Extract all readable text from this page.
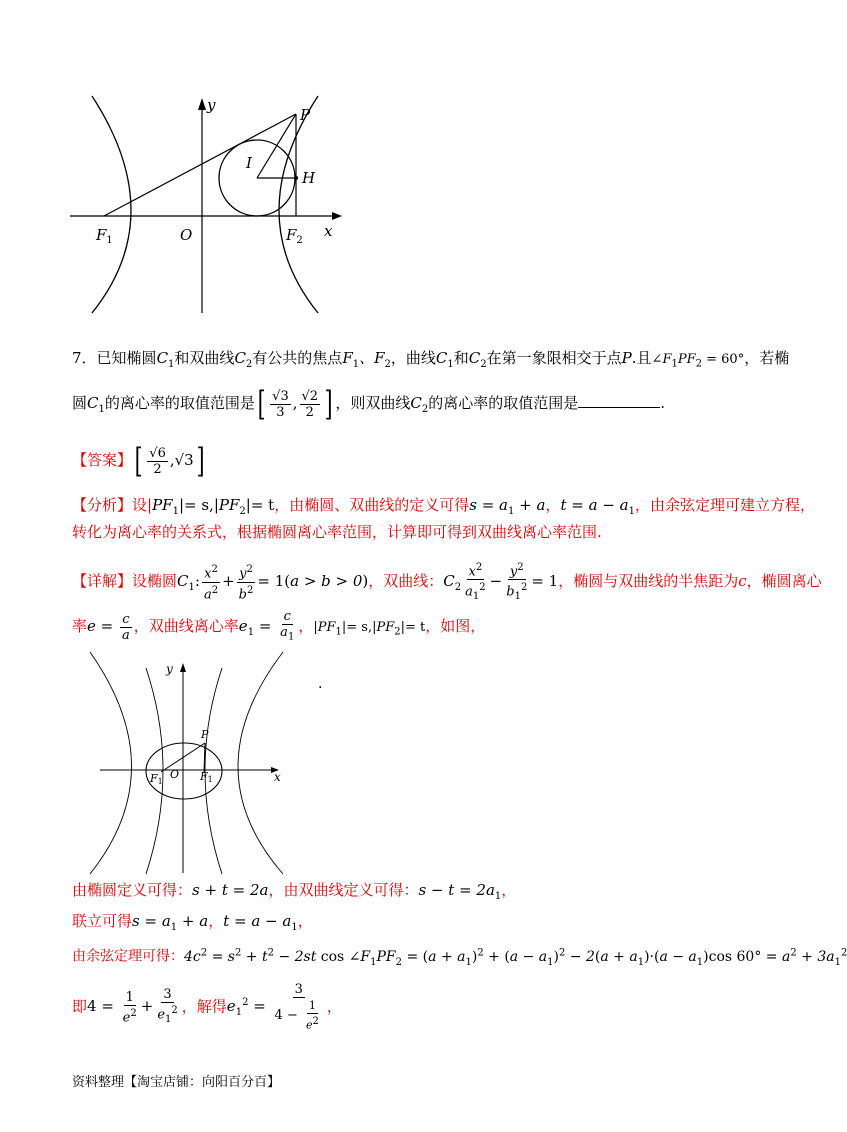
y
x
P
I
H
$F_1$	O	$F_2$
7．已知椭圆$C_1$和双曲线$C_2$有公共的焦点$F_1$、$F_2$，曲线$C_1$和$C_2$在第一象限相交于点P.且$\angle F_1PF_2 = 60^\circ$，若椭
圆$C_1$的离心率的取值范围是[ $\frac{√3}{3}$ , $\frac{√2}{2}$ ] ，则双曲线$C_2$的离心率的取值范围是	.
【答案】[ $\frac{√6}{2} ,√3$]
【分析】设$|PF_1|= s,|PF_2|= t$，由椭圆、双曲线的定义可得$s = a_1 + a$，$t = a - a_1$，由余弦定理可建立方程，
转化为离心率的关系式，根据椭圆离心率范围，计算即可得到双曲线离心率范围.
【详解】设椭圆$C_1$: $\frac{x^2}{a^2} + \frac{y^2}{b^2} = 1(a > b > 0)$，双曲线：$C_2 \frac{x^2}{a_1^2} - \frac{y^2}{b_1^2} = 1$，椭圆与双曲线的半焦距为c，椭圆离心
率$e = \frac{c}{a}$ ，双曲线离心率$e_1 = \frac{c}{a_1}$ ，$|PF_1|= s,|PF_2|= t$，如图，
y
x
P
F1
O F1
.
由椭圆定义可得：s + t = 2a，由双曲线定义可得：$s - t = 2a_1$，
联立可得$s = a_1 + a$，$t = a - a_1$，
由余弦定理可得：$4c^2 = s^2 + t^2 - 2st$ $\cos \angle F_1PF_2 = (a + a_1)^2 + (a - a_1)^2 - 2(a + a_1)\cdot(a - a_1)\cos$ $60^\circ = a^2 + 3a_1^2$
即$4 = \frac{1}{e^2} + \frac{3}{e_1^2}$ ，解得$e_1^2 = \frac{3}{4 - \frac{1}{e^2}}$ ，
资料整理【淘宝店铺：向阳百分百】
